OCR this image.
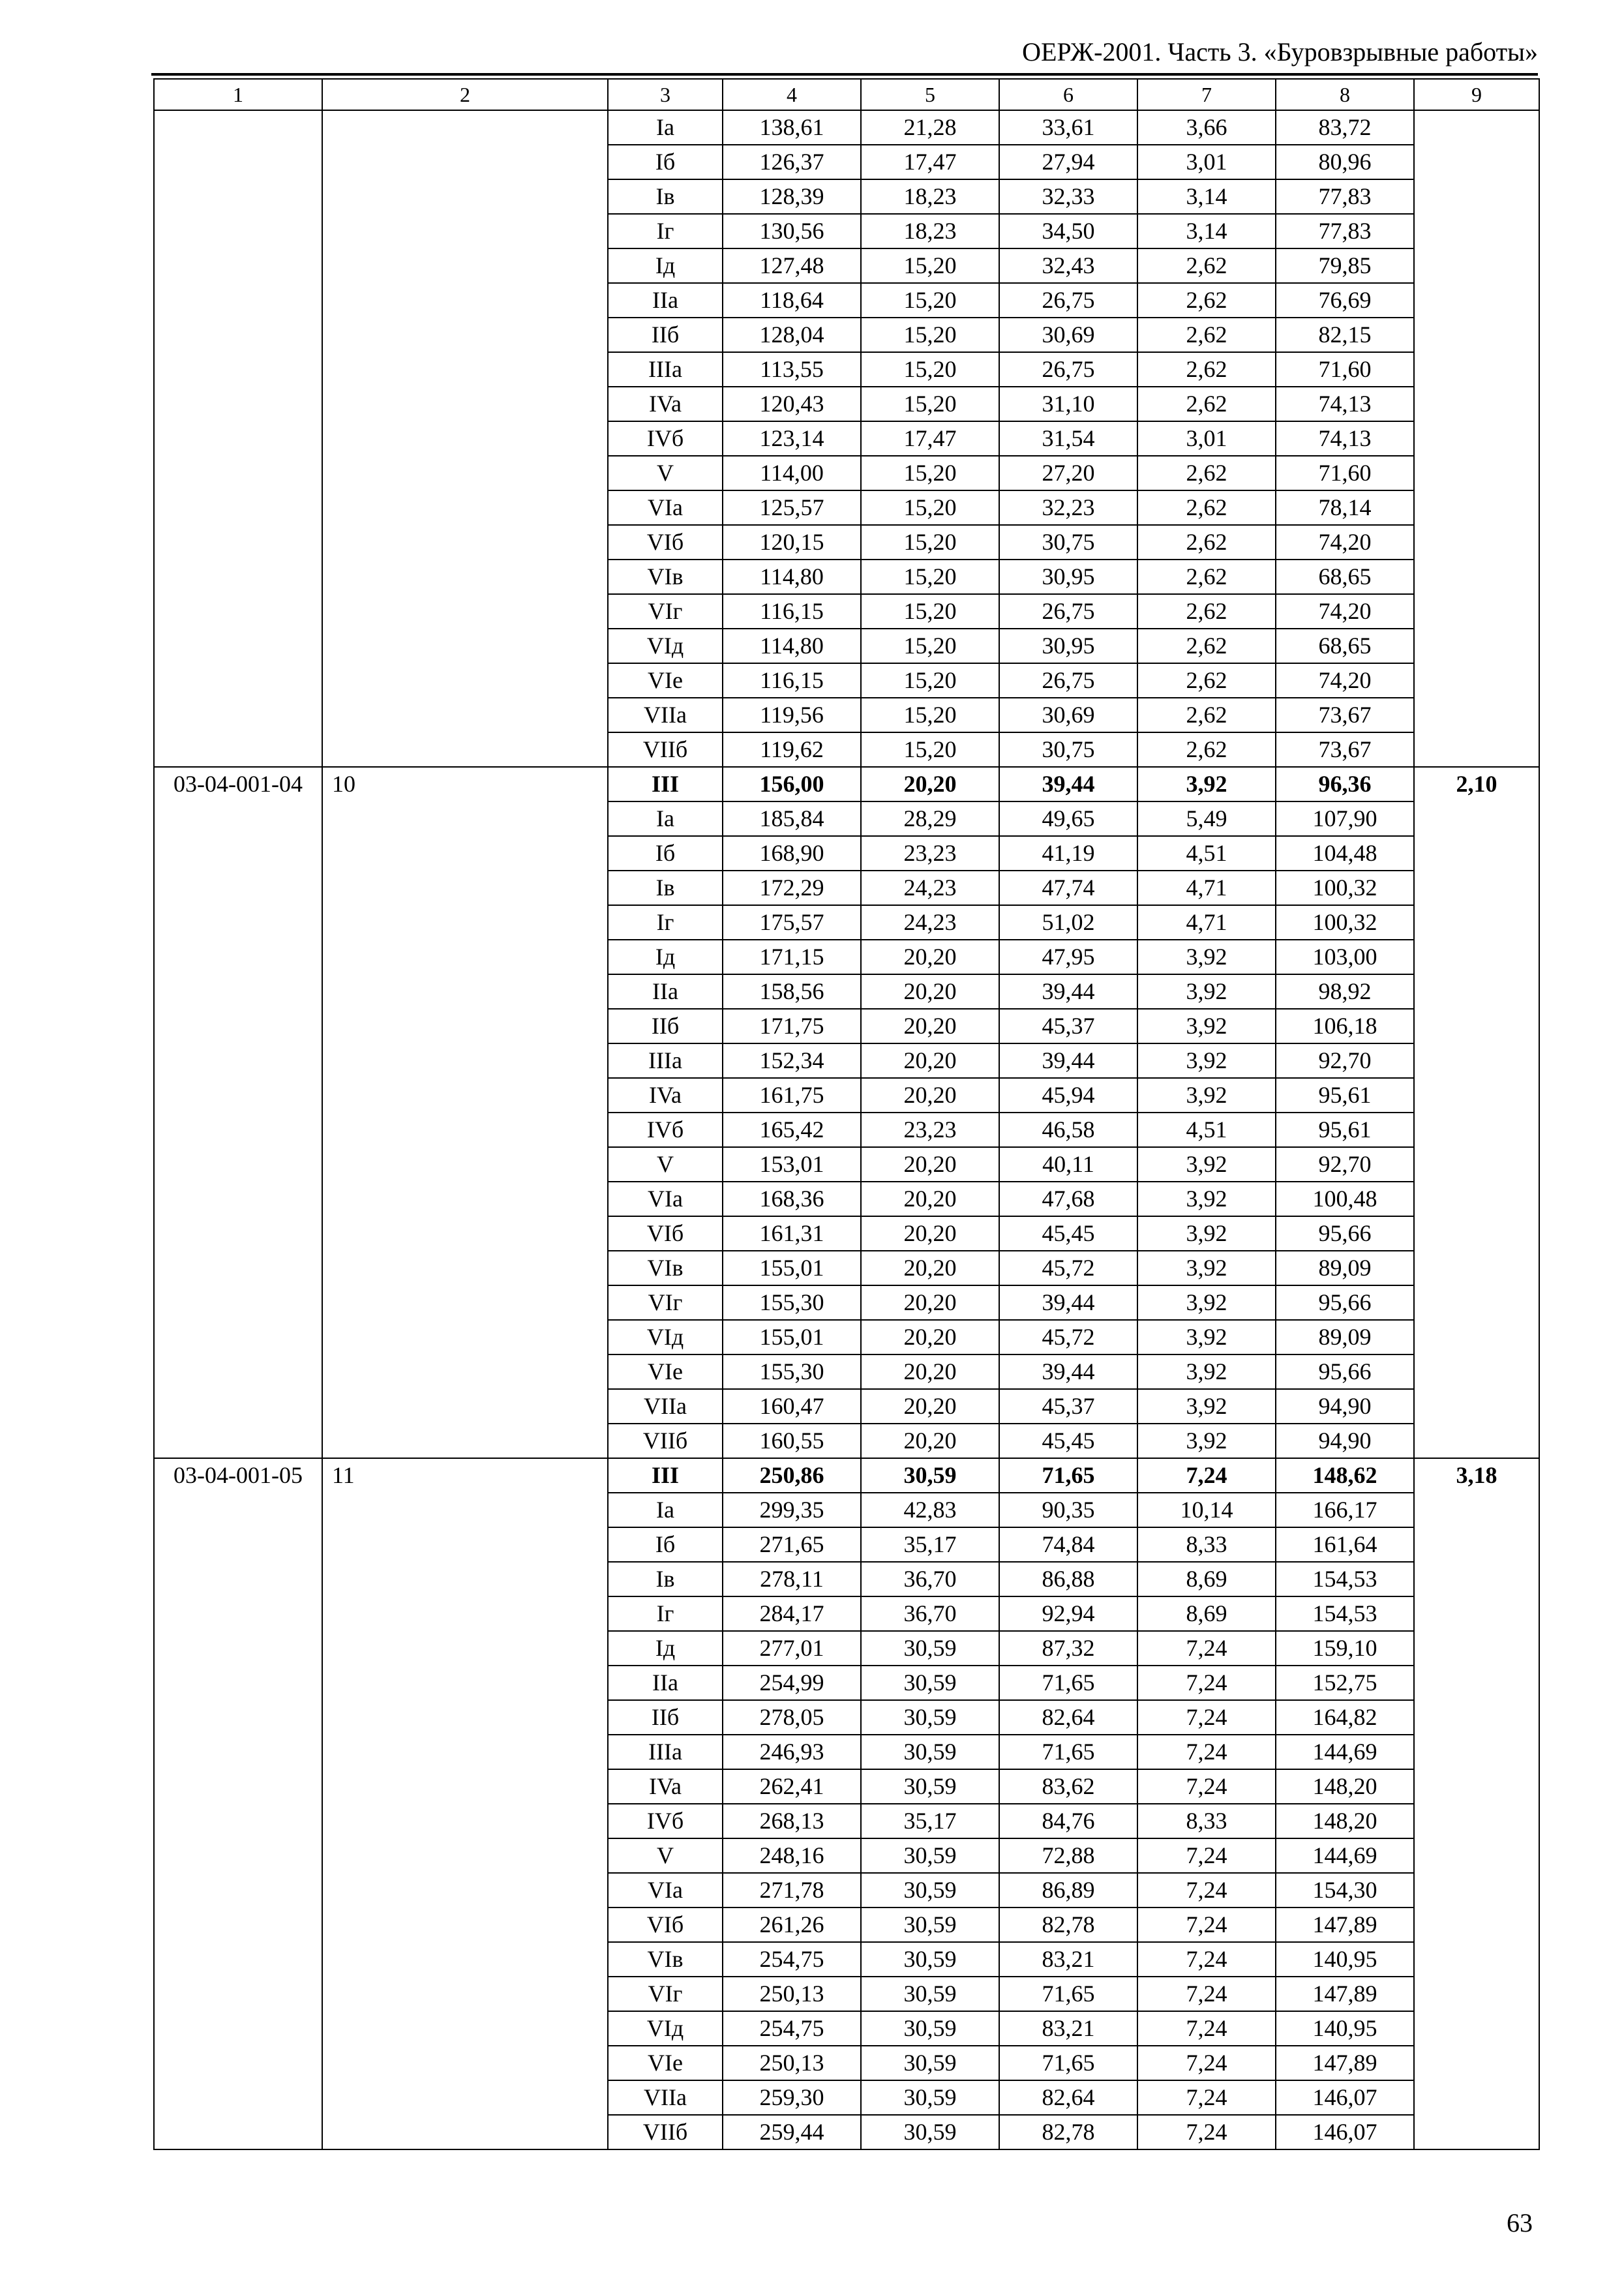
ОЕРЖ-2001. Часть 3. «Буровзрывные работы»
1	2	3	4	5	6	7	8	9
		Ia	138,61	21,28	33,61	3,66	83,72	
		Iб	126,37	17,47	27,94	3,01	80,96	
		Iв	128,39	18,23	32,33	3,14	77,83	
		Iг	130,56	18,23	34,50	3,14	77,83	
		Iд	127,48	15,20	32,43	2,62	79,85	
		IIa	118,64	15,20	26,75	2,62	76,69	
		IIб	128,04	15,20	30,69	2,62	82,15	
		IIIa	113,55	15,20	26,75	2,62	71,60	
		IVa	120,43	15,20	31,10	2,62	74,13	
		IVб	123,14	17,47	31,54	3,01	74,13	
		V	114,00	15,20	27,20	2,62	71,60	
		VIa	125,57	15,20	32,23	2,62	78,14	
		VIб	120,15	15,20	30,75	2,62	74,20	
		VIв	114,80	15,20	30,95	2,62	68,65	
		VIг	116,15	15,20	26,75	2,62	74,20	
		VIд	114,80	15,20	30,95	2,62	68,65	
		VIe	116,15	15,20	26,75	2,62	74,20	
		VIIa	119,56	15,20	30,69	2,62	73,67	
		VIIб	119,62	15,20	30,75	2,62	73,67	
03-04-001-04	10	III	156,00	20,20	39,44	3,92	96,36	2,10
		Ia	185,84	28,29	49,65	5,49	107,90	
		Iб	168,90	23,23	41,19	4,51	104,48	
		Iв	172,29	24,23	47,74	4,71	100,32	
		Iг	175,57	24,23	51,02	4,71	100,32	
		Iд	171,15	20,20	47,95	3,92	103,00	
		IIa	158,56	20,20	39,44	3,92	98,92	
		IIб	171,75	20,20	45,37	3,92	106,18	
		IIIa	152,34	20,20	39,44	3,92	92,70	
		IVa	161,75	20,20	45,94	3,92	95,61	
		IVб	165,42	23,23	46,58	4,51	95,61	
		V	153,01	20,20	40,11	3,92	92,70	
		VIa	168,36	20,20	47,68	3,92	100,48	
		VIб	161,31	20,20	45,45	3,92	95,66	
		VIв	155,01	20,20	45,72	3,92	89,09	
		VIг	155,30	20,20	39,44	3,92	95,66	
		VIд	155,01	20,20	45,72	3,92	89,09	
		VIe	155,30	20,20	39,44	3,92	95,66	
		VIIa	160,47	20,20	45,37	3,92	94,90	
		VIIб	160,55	20,20	45,45	3,92	94,90	
03-04-001-05	11	III	250,86	30,59	71,65	7,24	148,62	3,18
		Ia	299,35	42,83	90,35	10,14	166,17	
		Iб	271,65	35,17	74,84	8,33	161,64	
		Iв	278,11	36,70	86,88	8,69	154,53	
		Iг	284,17	36,70	92,94	8,69	154,53	
		Iд	277,01	30,59	87,32	7,24	159,10	
		IIa	254,99	30,59	71,65	7,24	152,75	
		IIб	278,05	30,59	82,64	7,24	164,82	
		IIIa	246,93	30,59	71,65	7,24	144,69	
		IVa	262,41	30,59	83,62	7,24	148,20	
		IVб	268,13	35,17	84,76	8,33	148,20	
		V	248,16	30,59	72,88	7,24	144,69	
		VIa	271,78	30,59	86,89	7,24	154,30	
		VIб	261,26	30,59	82,78	7,24	147,89	
		VIв	254,75	30,59	83,21	7,24	140,95	
		VIг	250,13	30,59	71,65	7,24	147,89	
		VIд	254,75	30,59	83,21	7,24	140,95	
		VIe	250,13	30,59	71,65	7,24	147,89	
		VIIa	259,30	30,59	82,64	7,24	146,07	
		VIIб	259,44	30,59	82,78	7,24	146,07	
63
